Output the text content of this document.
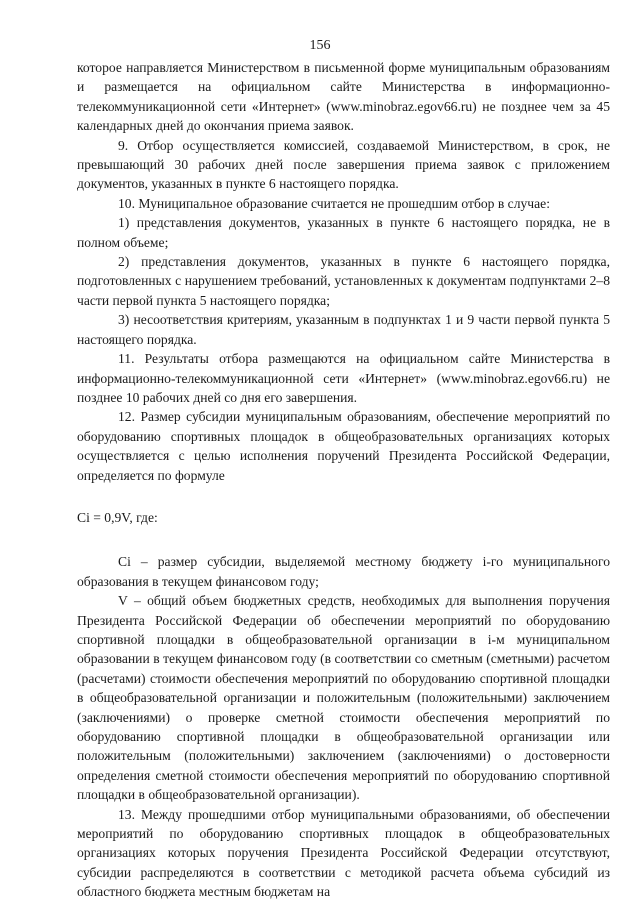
156

которое направляется Министерством в письменной форме муниципальным образованиям и размещается на официальном сайте Министерства в информационно-телекоммуникационной сети «Интернет» (www.minobraz.egov66.ru) не позднее чем за 45 календарных дней до окончания приема заявок.

9. Отбор осуществляется комиссией, создаваемой Министерством, в срок, не превышающий 30 рабочих дней после завершения приема заявок с приложением документов, указанных в пункте 6 настоящего порядка.

10. Муниципальное образование считается не прошедшим отбор в случае:

1) представления документов, указанных в пункте 6 настоящего порядка, не в полном объеме;

2) представления документов, указанных в пункте 6 настоящего порядка, подготовленных с нарушением требований, установленных к документам подпунктами 2–8 части первой пункта 5 настоящего порядка;

3) несоответствия критериям, указанным в подпунктах 1 и 9 части первой пункта 5 настоящего порядка.

11. Результаты отбора размещаются на официальном сайте Министерства в информационно-телекоммуникационной сети «Интернет» (www.minobraz.egov66.ru) не позднее 10 рабочих дней со дня его завершения.

12. Размер субсидии муниципальным образованиям, обеспечение мероприятий по оборудованию спортивных площадок в общеобразовательных организациях которых осуществляется с целью исполнения поручений Президента Российской Федерации, определяется по формуле

Ci = 0,9V, где:

Ci – размер субсидии, выделяемой местному бюджету i-го муниципального образования в текущем финансовом году;

V – общий объем бюджетных средств, необходимых для выполнения поручения Президента Российской Федерации об обеспечении мероприятий по оборудованию спортивной площадки в общеобразовательной организации в i-м муниципальном образовании в текущем финансовом году (в соответствии со сметным (сметными) расчетом (расчетами) стоимости обеспечения мероприятий по оборудованию спортивной площадки в общеобразовательной организации и положительным (положительными) заключением (заключениями) о проверке сметной стоимости обеспечения мероприятий по оборудованию спортивной площадки в общеобразовательной организации или положительным (положительными) заключением (заключениями) о достоверности определения сметной стоимости обеспечения мероприятий по оборудованию спортивной площадки в общеобразовательной организации).

13. Между прошедшими отбор муниципальными образованиями, об обеспечении мероприятий по оборудованию спортивных площадок в общеобразовательных организациях которых поручения Президента Российской Федерации отсутствуют, субсидии распределяются в соответствии с методикой расчета объема субсидий из областного бюджета местным бюджетам на
